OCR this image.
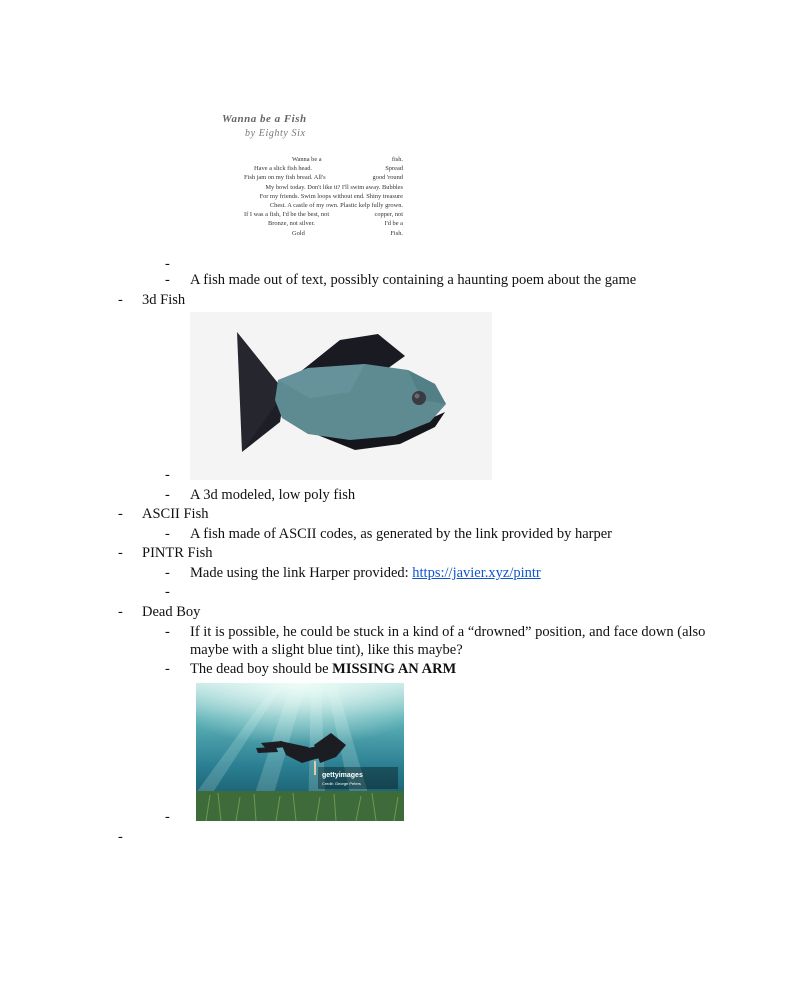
Wanna be a Fish
by Eighty Six
Wanna be a	fish.
Have a slick fish head.	Spread
Fish jam on my fish bread. All's	good 'round
My bowl today. Don't like it? I'll swim away. Bubbles
For my friends. Swim loops without end. Shiny treasure
Chest. A castle of my own. Plastic kelp fully grown.
If I was a fish, I'd be the best, not	copper, not
Bronze, not silver.	I'd be a
Gold	Fish.
-
- A fish made out of text, possibly containing a haunting poem about the game
- 3d Fish
-
- A 3d modeled, low poly fish
- ASCII Fish
- A fish made of ASCII codes, as generated by the link provided by harper
- PINTR Fish
- Made using the link Harper provided: https://javier.xyz/pintr
-
- Dead Boy
- If it is possible, he could be stuck in a kind of a “drowned” position, and face down (also
maybe with a slight blue tint), like this maybe?
- The dead boy should be MISSING AN ARM
gettyimages
Credit: George Peters
-
-
